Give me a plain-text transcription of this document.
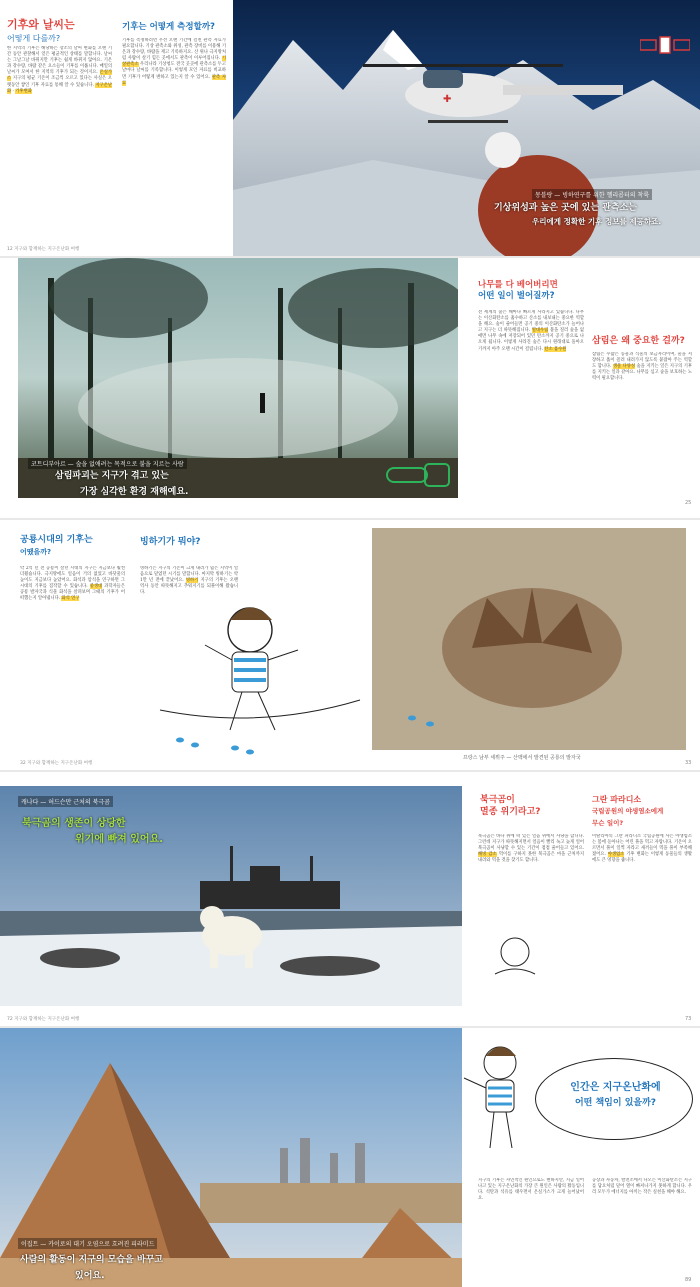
기후와 날씨는
어떻게 다를까?
한 지역의 기후는 해당하는 장소의 날씨 변화를 오랜 기간 동안 관찰해서 얻은 평균적인 상태를 말합니다. 날씨는 그날그날 바뀌지만 기후는 쉽게 바뀌지 않아요. 기온과 강수량, 바람 같은 요소들이 기후를 이룹니다. 매일의 날씨가 모여서 한 지역의 기후가 되는 것이지요. 온실가스 지구의 평균 기온이 조금씩 오르고 있다는 사실은 오랫동안 쌓인 기후 자료를 통해 알 수 있습니다. 지구온난화 · 기후변화
기후는 어떻게 측정할까?
기후를 측정하려면 우선 오랜 기간에 걸친 관측 자료가 필요합니다. 기상 관측소와 위성, 관측 장비를 이용해 기온과 강수량, 바람을 재고 기록하지요. 산 위나 극지방처럼 사람이 살기 힘든 곳에서도 관측이 이루어집니다. 기상관측소 우리나라 기상청도 전국 곳곳에 관측소를 두고 날마다 날씨를 기록합니다. 이렇게 모인 자료를 비교하면 기후가 어떻게 변하고 있는지 알 수 있어요. 관측 자료
✚
몽블랑 — 빙하연구를 위한 헬리콥터의 착륙
기상위성과 높은 곳에 있는 관측소는
우리에게 정확한 기후 정보를 제공하죠.
12 지구와 함께하는 지구온난화 여행
코트디부아르 — 숲을 없애려는 목적으로 불을 지르는 사람
삼림파괴는 지구가 겪고 있는
가장 심각한 환경 재해예요.
나무를 다 베어버리면
어떤 일이 벌어질까?
전 세계의 숲은 해마다 빠르게 사라지고 있습니다. 나무는 이산화탄소를 흡수하고 산소를 내보내는 중요한 역할을 해요. 숲이 줄어들면 공기 중의 이산화탄소가 늘어나고 지구는 더 따뜻해집니다. 열대우림 불을 질러 숲을 없애면 나무 속에 저장되어 있던 탄소까지 공기 중으로 나오게 됩니다. 이렇게 사라진 숲은 다시 원래대로 돌아오기까지 아주 오랜 시간이 걸립니다. 탄소 흡수원
삼림은 왜 중요한 걸까?
삼림은 수많은 동물과 식물의 보금자리이며, 물을 저장하고 흙이 쓸려 내려가지 않도록 붙잡아 주는 역할도 합니다. 생물 다양성 숲을 지키는 일은 지구의 기후를 지키는 일과 같아요. 나무를 심고 숲을 보호하는 노력이 필요합니다.
25
공룡시대의 기후는
어땠을까?
약 2억 년 전 공룡이 살던 시대의 지구는 지금보다 훨씬 더웠습니다. 극지방에도 얼음이 거의 없었고 바닷물의 높이도 지금보다 높았어요. 화석과 암석을 연구하면 그 시대의 기후를 짐작할 수 있습니다. 중생대 과학자들은 공룡 발자국과 식물 화석을 살펴보며 그때의 기후가 어떠했는지 알아냅니다. 화석 연구
빙하기가 뭐야?
빙하기는 지구의 기온이 크게 내려가 넓은 지역이 얼음으로 덮였던 시기를 말합니다. 마지막 빙하기는 약 1만 년 전에 끝났어요. 빙하기 지구의 기후는 오랜 역사 동안 따뜻해지고 추워지기를 되풀이해 왔습니다.
프랑스 남부 세뷔주 — 산맥에서 발견된 공룡의 발자국
32 지구와 함께하는 지구온난화 여행	33
캐나다 — 허드슨만 근처의 북극곰
북극곰의 생존이 상당한
위기에 빠져 있어요.
북극곰이
멸종 위기라고?
북극곰은 바다 위에 떠 있는 얼음 위에서 사냥을 합니다. 그런데 지구가 따뜻해지면서 얼음이 빨리 녹고 늦게 얼어 북극곰이 사냥할 수 있는 기간이 점점 줄어들고 있어요. 해빙 감소 먹이를 구하지 못한 북극곰은 마을 근처까지 내려와 먹을 것을 찾기도 합니다.
그란 파라디소
국립공원의 야생염소에게
무슨 일이?
이탈리아의 그란 파라디소 국립공원에 사는 야생염소는 봄에 돋아나는 어린 풀을 먹고 자랍니다. 기온이 오르면서 풀이 일찍 자라고 새끼들이 먹을 풀이 부족해졌어요. 야생염소 기후 변화는 이렇게 동물들의 생활에도 큰 영향을 줍니다.
72 지구와 함께하는 지구온난화 여행	73
이집트 — 카이로의 대기 오염으로 흐려진 피라미드
사람의 활동이 지구의 모습을 바꾸고
있어요.
인간은 지구온난화에
어떤 책임이 있을까?
지구의 기후는 자연적인 원인으로도 변하지만, 지금 일어나고 있는 지구온난화의 가장 큰 원인은 사람의 활동입니다. 석탄과 석유를 태우면서 온실가스가 크게 늘어났어요.
공장과 자동차, 발전소에서 나오는 이산화탄소는 지구를 담요처럼 덮어 열이 빠져나가지 못하게 합니다. 우리 모두가 에너지를 아끼는 작은 실천을 해야 해요.
89
